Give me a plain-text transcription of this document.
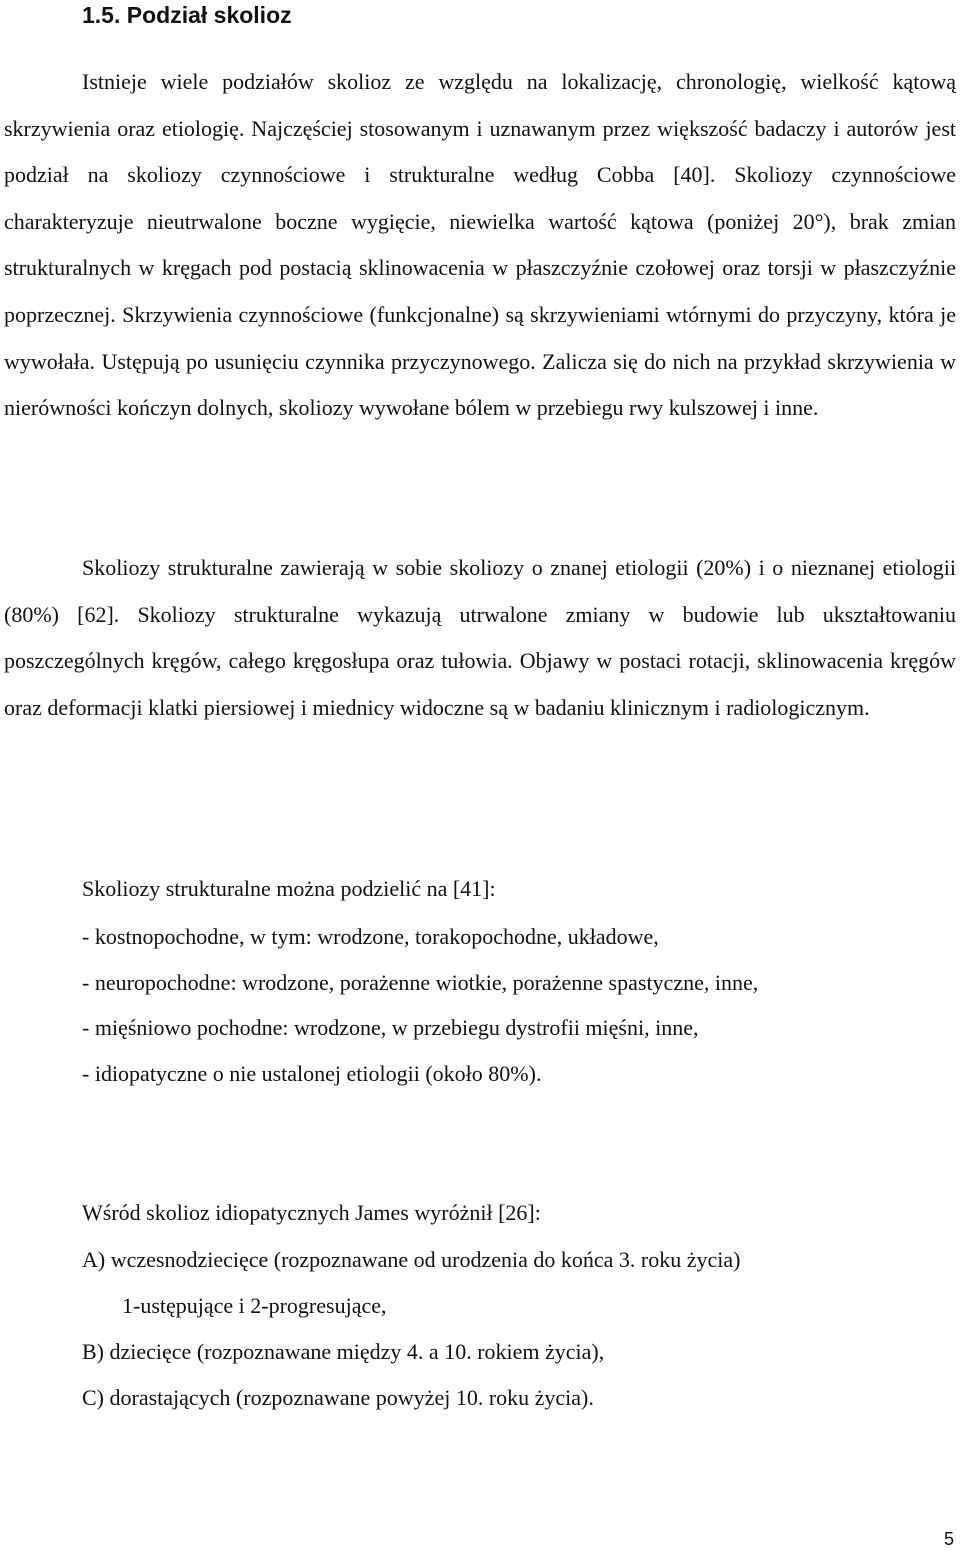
1.5. Podział skolioz

Istnieje wiele podziałów skolioz ze względu na lokalizację, chronologię, wielkość kątową skrzywienia oraz etiologię. Najczęściej stosowanym i uznawanym przez większość badaczy i autorów jest podział na skoliozy czynnościowe i strukturalne według Cobba [40]. Skoliozy czynnościowe charakteryzuje nieutrwalone boczne wygięcie, niewielka wartość kątowa (poniżej 20°), brak zmian strukturalnych w kręgach pod postacią sklinowacenia w płaszczyźnie czołowej oraz torsji w płaszczyźnie poprzecznej. Skrzywienia czynnościowe (funkcjonalne) są skrzywieniami wtórnymi do przyczyny, która je wywołała. Ustępują po usunięciu czynnika przyczynowego. Zalicza się do nich na przykład skrzywienia w nierówności kończyn dolnych, skoliozy wywołane bólem w przebiegu rwy kulszowej i inne.

Skoliozy strukturalne zawierają w sobie skoliozy o znanej etiologii (20%) i o nieznanej etiologii (80%) [62]. Skoliozy strukturalne wykazują utrwalone zmiany w budowie lub ukształtowaniu poszczególnych kręgów, całego kręgosłupa oraz tułowia. Objawy w postaci rotacji, sklinowacenia kręgów oraz deformacji klatki piersiowej i miednicy widoczne są w badaniu klinicznym i radiologicznym.

Skoliozy strukturalne można podzielić na [41]:

- kostnopochodne, w tym: wrodzone, torakopochodne, układowe,
- neuropochodne: wrodzone, porażenne wiotkie, porażenne spastyczne, inne,
- mięśniowo pochodne: wrodzone, w przebiegu dystrofii mięśni, inne,
- idiopatyczne o nie ustalonej etiologii (około 80%).

Wśród skolioz idiopatycznych James wyróżnił [26]:

A) wczesnodziecięce (rozpoznawane od urodzenia do końca 3. roku życia)
1-ustępujące i 2-progresujące,
B) dziecięce (rozpoznawane między 4. a 10. rokiem życia),
C) dorastających (rozpoznawane powyżej 10. roku życia).
5
